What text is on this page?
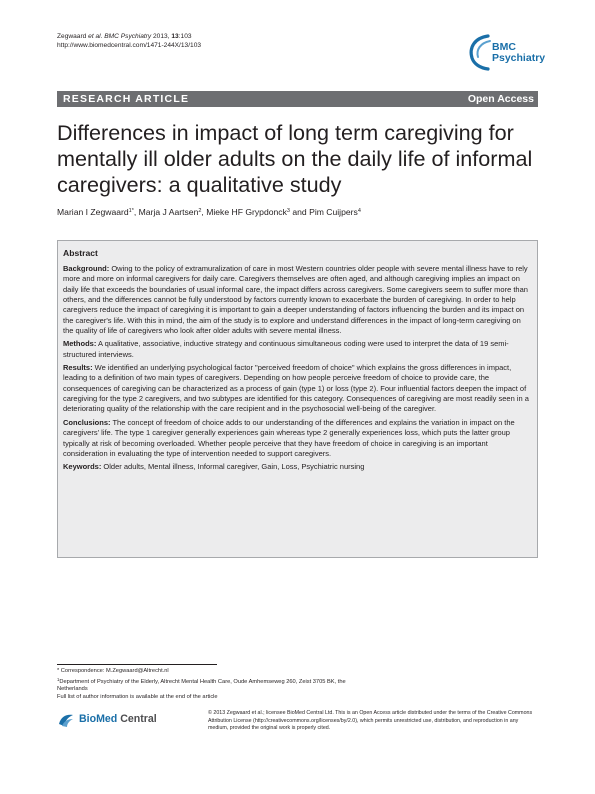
Zegwaard et al. BMC Psychiatry 2013, 13:103
http://www.biomedcentral.com/1471-244X/13/103	BMC
Psychiatry
RESEARCH ARTICLE	Open Access
Differences in impact of long term caregiving for mentally ill older adults on the daily life of informal caregivers: a qualitative study
Marian I Zegwaard$^{1*}$, Marja J Aartsen$^2$, Mieke HF Grypdonck$^3$ and Pim Cuijpers$^4$
Abstract

Background: Owing to the policy of extramuralization of care in most Western countries older people with severe mental illness have to rely more and more on informal caregivers for daily care. Caregivers themselves are often aged, and although caregiving implies an impact on daily life that exceeds the boundaries of usual informal care, the impact differs across caregivers. Some caregivers seem to suffer more than others, and the differences cannot be fully understood by factors currently known to exacerbate the burden of caregiving. In order to help caregivers reduce the impact of caregiving it is important to gain a deeper understanding of factors influencing the burden and its impact on the caregiver's life. With this in mind, the aim of the study is to explore and understand differences in the impact of long-term caregiving on the quality of life of caregivers who look after older adults with severe mental illness.

Methods: A qualitative, associative, inductive strategy and continuous simultaneous coding were used to interpret the data of 19 semi-structured interviews.

Results: We identified an underlying psychological factor "perceived freedom of choice" which explains the gross differences in impact, leading to a definition of two main types of caregivers. Depending on how people perceive freedom of choice to provide care, the consequences of caregiving can be characterized as a process of gain (type 1) or loss (type 2). Four influential factors deepen the impact of caregiving for the type 2 caregivers, and two subtypes are identified for this category. Consequences of caregiving are most readily seen in a deteriorating quality of the relationship with the care recipient and in the psychosocial well-being of the caregiver.

Conclusions: The concept of freedom of choice adds to our understanding of the differences and explains the variation in impact on the caregivers' life. The type 1 caregiver generally experiences gain whereas type 2 generally experiences loss, which puts the latter group typically at risk of becoming overloaded. Whether people perceive that they have freedom of choice in caregiving is an important consideration in evaluating the type of intervention needed to support caregivers.

Keywords: Older adults, Mental illness, Informal caregiver, Gain, Loss, Psychiatric nursing

* Correspondence: M.Zegwaard@Altrecht.nl

$^1$Department of Psychiatry of the Elderly, Altrecht Mental Health Care, Oude Amhemseweg 260, Zeist 3705 BK, the Netherlands

Full list of author information is available at the end of the article

BioMed Central	© 2013 Zegwaard et al.; licensee BioMed Central Ltd. This is an Open Access article distributed under the terms of the Creative Commons Attribution License (http://creativecommons.org/licenses/by/2.0), which permits unrestricted use, distribution, and reproduction in any medium, provided the original work is properly cited.
